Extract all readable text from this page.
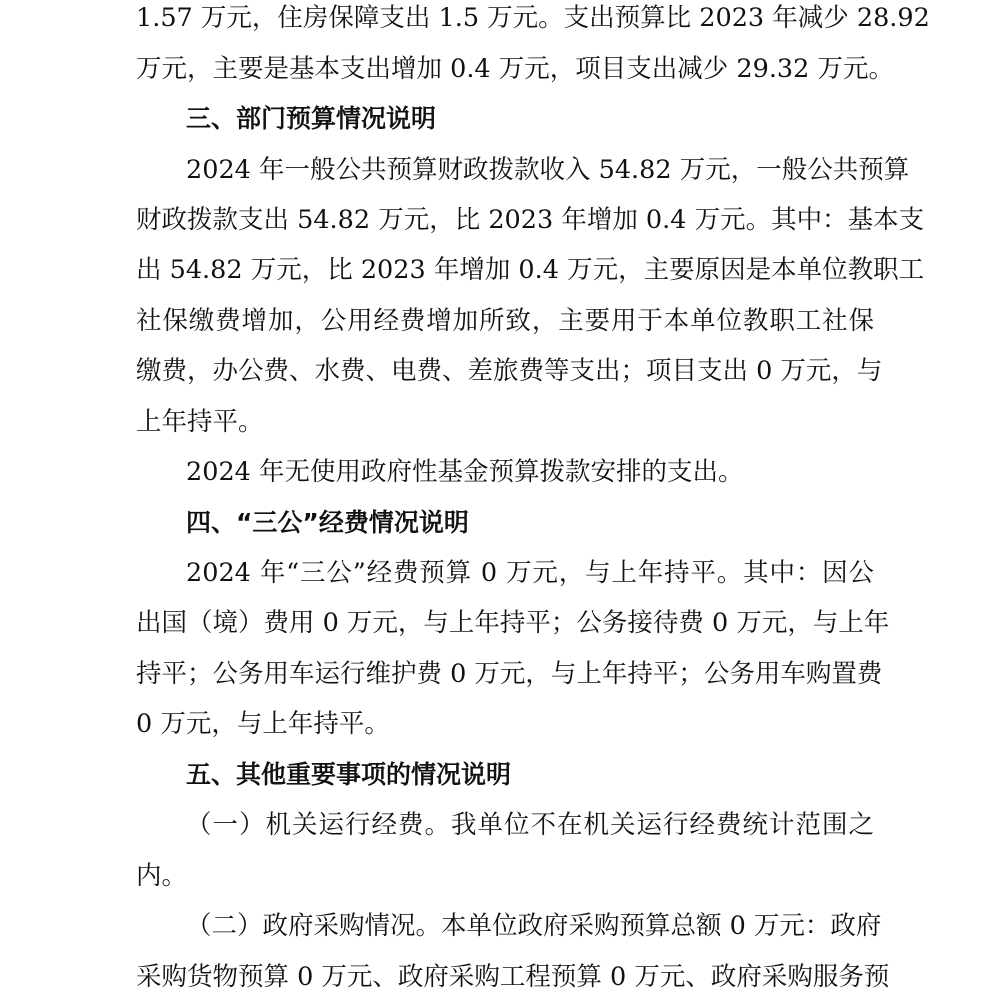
1.57 万元，住房保障支出 1.5 万元。支出预算比 2023 年减少 28.92
万元，主要是基本支出增加 0.4 万元，项目支出减少 29.32 万元。
三、部门预算情况说明
2024 年一般公共预算财政拨款收入 54.82 万元，一般公共预算
财政拨款支出 54.82 万元，比 2023 年增加 0.4 万元。其中：基本支
出 54.82 万元，比 2023 年增加 0.4 万元，主要原因是本单位教职工
社保缴费增加，公用经费增加所致，主要用于本单位教职工社保
缴费，办公费、水费、电费、差旅费等支出；项目支出 0 万元，与
上年持平。
2024 年无使用政府性基金预算拨款安排的支出。
四、“三公”经费情况说明
2024 年“三公”经费预算 0 万元，与上年持平。其中：因公
出国（境）费用 0 万元，与上年持平；公务接待费 0 万元，与上年
持平；公务用车运行维护费 0 万元，与上年持平；公务用车购置费
0 万元，与上年持平。
五、其他重要事项的情况说明
（一）机关运行经费。我单位不在机关运行经费统计范围之
内。
（二）政府采购情况。本单位政府采购预算总额 0 万元：政府
采购货物预算 0 万元、政府采购工程预算 0 万元、政府采购服务预
